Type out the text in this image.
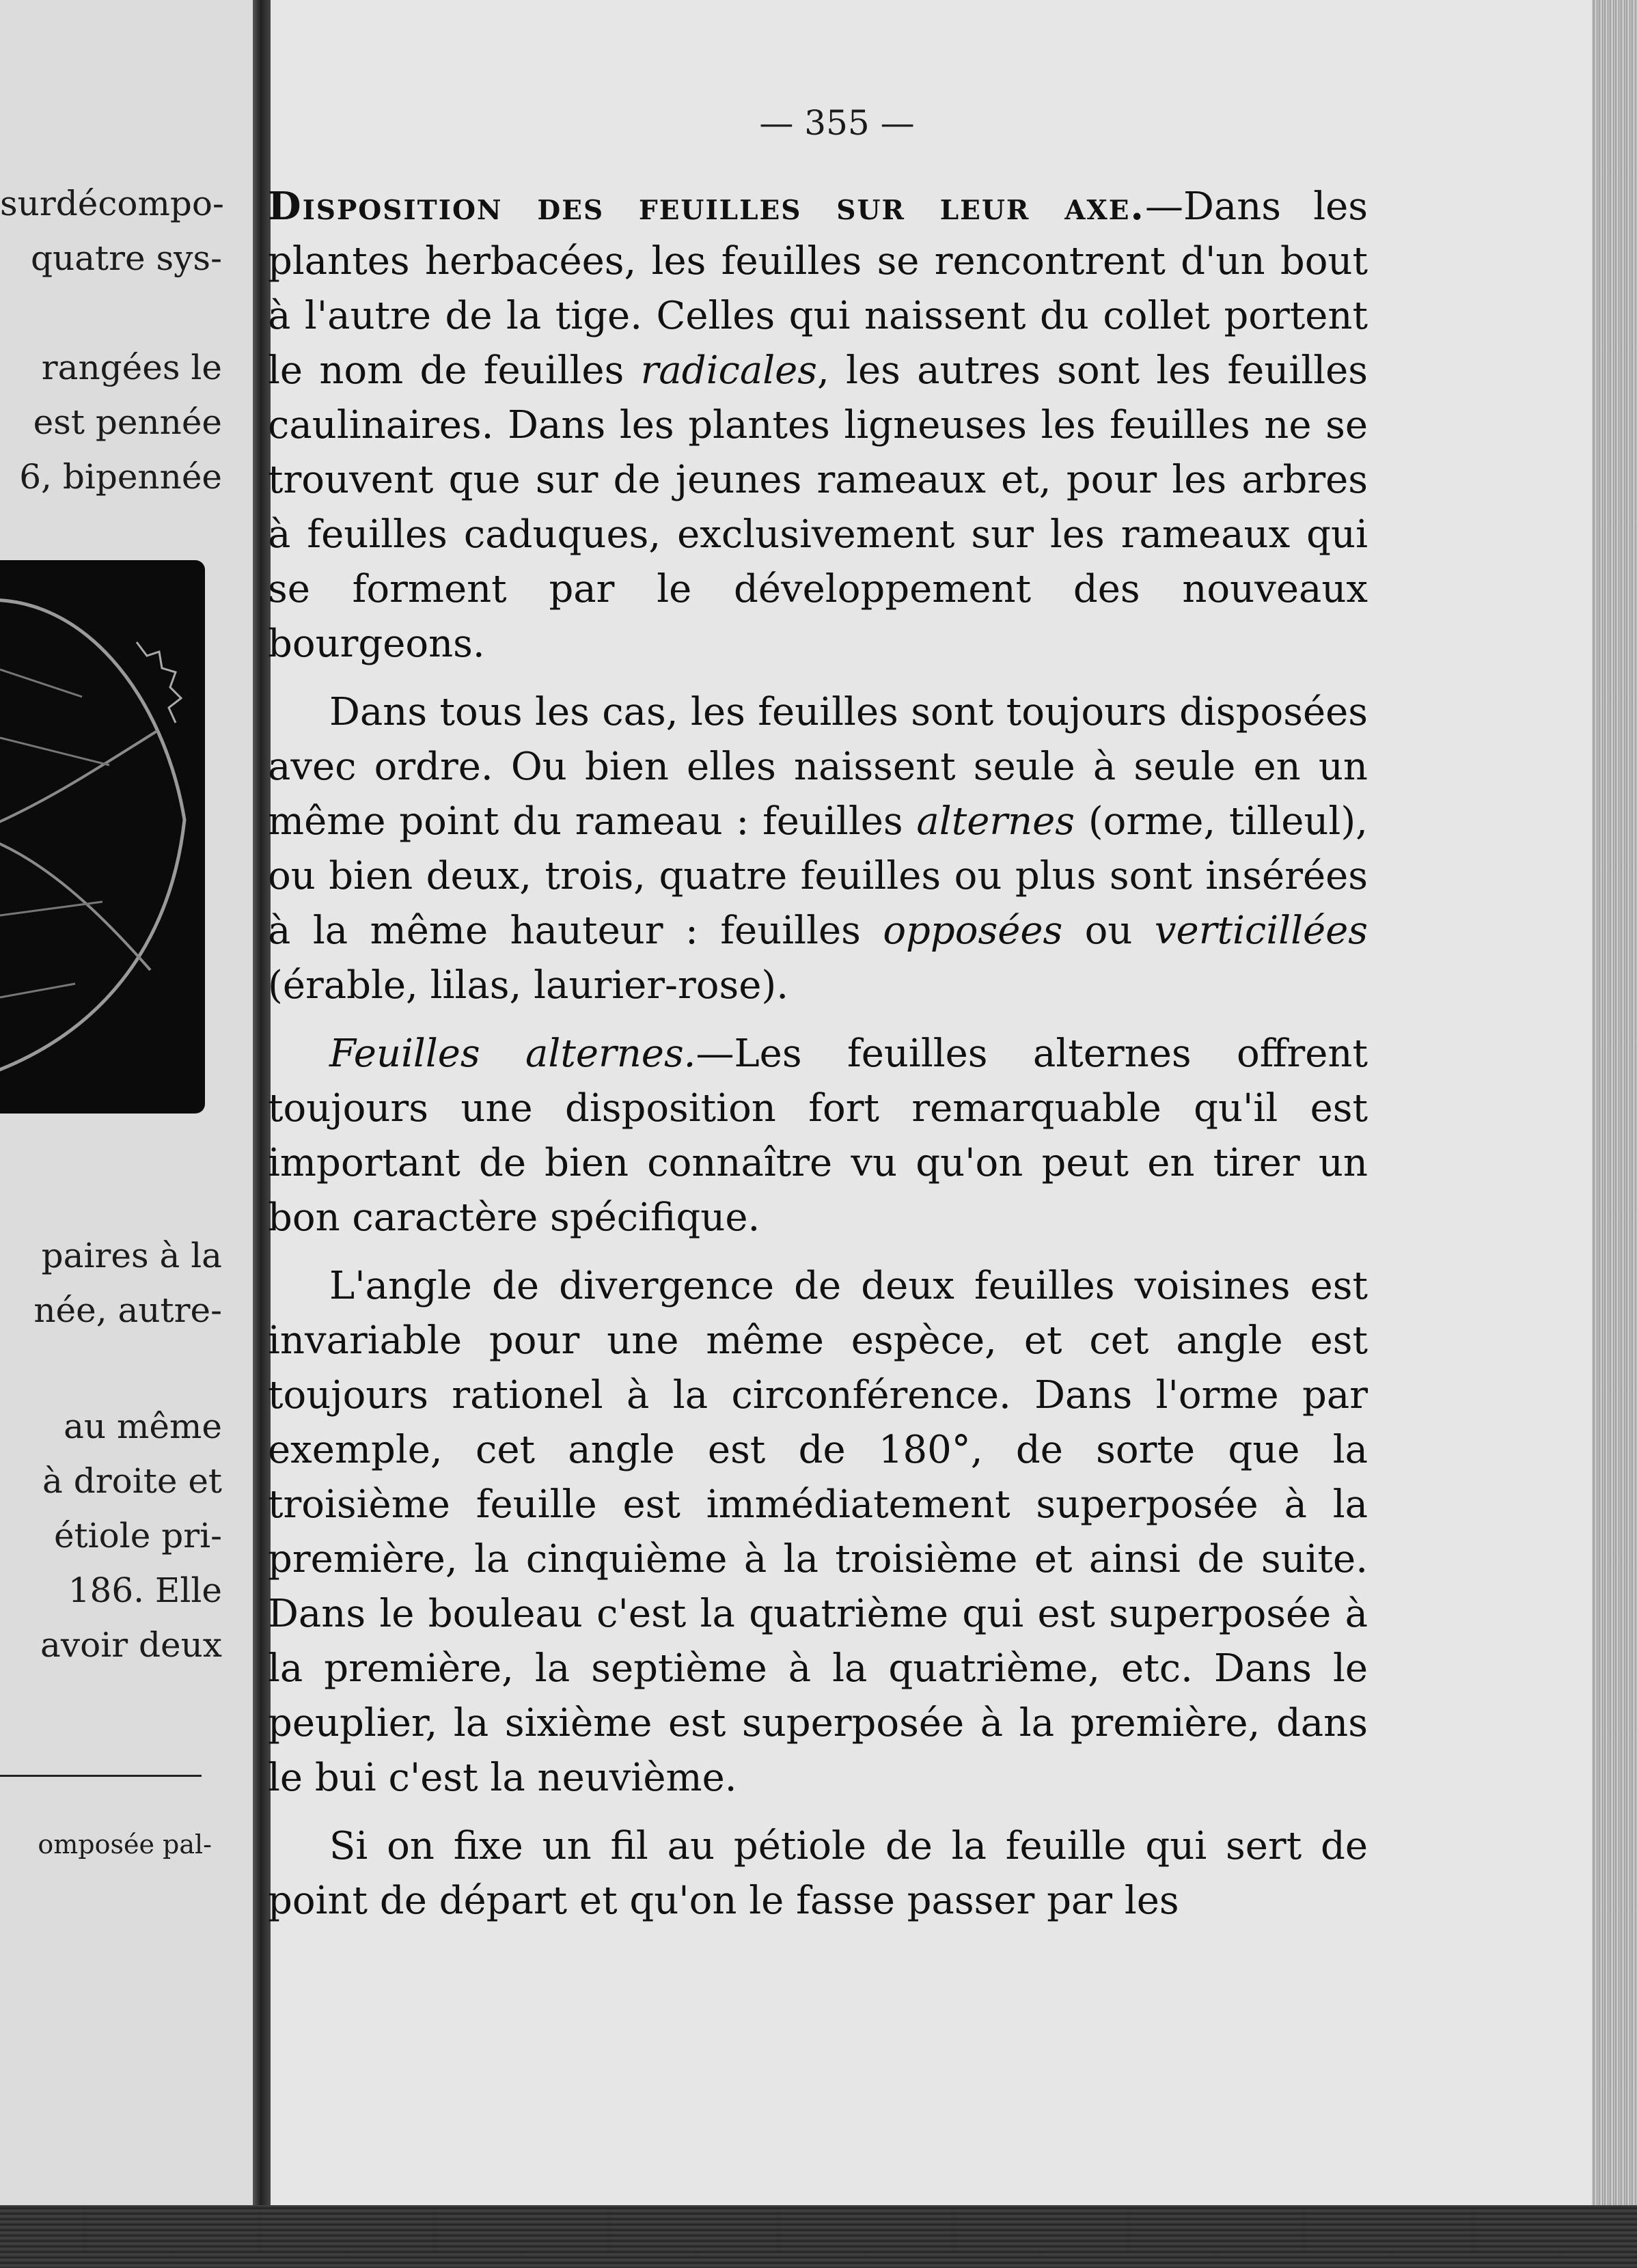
surdécompo-
quatre sys-
rangées le
est pennée
6, bipennée
paires à la
née, autre-
au même
à droite et
étiole pri-
186. Elle
avoir deux
omposée pal-
— 355 —

Disposition des feuilles sur leur axe.—Dans les plantes herbacées, les feuilles se rencontrent d'un bout à l'autre de la tige. Celles qui naissent du collet portent le nom de feuilles radicales, les autres sont les feuilles caulinaires. Dans les plantes ligneuses les feuilles ne se trouvent que sur de jeunes rameaux et, pour les arbres à feuilles caduques, exclusivement sur les rameaux qui se forment par le développement des nouveaux bourgeons.

Dans tous les cas, les feuilles sont toujours disposées avec ordre. Ou bien elles naissent seule à seule en un même point du rameau : feuilles alternes (orme, tilleul), ou bien deux, trois, quatre feuilles ou plus sont insérées à la même hauteur : feuilles opposées ou verticillées (érable, lilas, laurier-rose).

Feuilles alternes.—Les feuilles alternes offrent toujours une disposition fort remarquable qu'il est important de bien connaître vu qu'on peut en tirer un bon caractère spécifique.

L'angle de divergence de deux feuilles voisines est invariable pour une même espèce, et cet angle est toujours rationel à la circonférence. Dans l'orme par exemple, cet angle est de 180°, de sorte que la troisième feuille est immédiatement superposée à la première, la cinquième à la troisième et ainsi de suite. Dans le bouleau c'est la quatrième qui est superposée à la première, la septième à la quatrième, etc. Dans le peuplier, la sixième est superposée à la première, dans le bui c'est la neuvième.

Si on fixe un fil au pétiole de la feuille qui sert de point de départ et qu'on le fasse passer par les
